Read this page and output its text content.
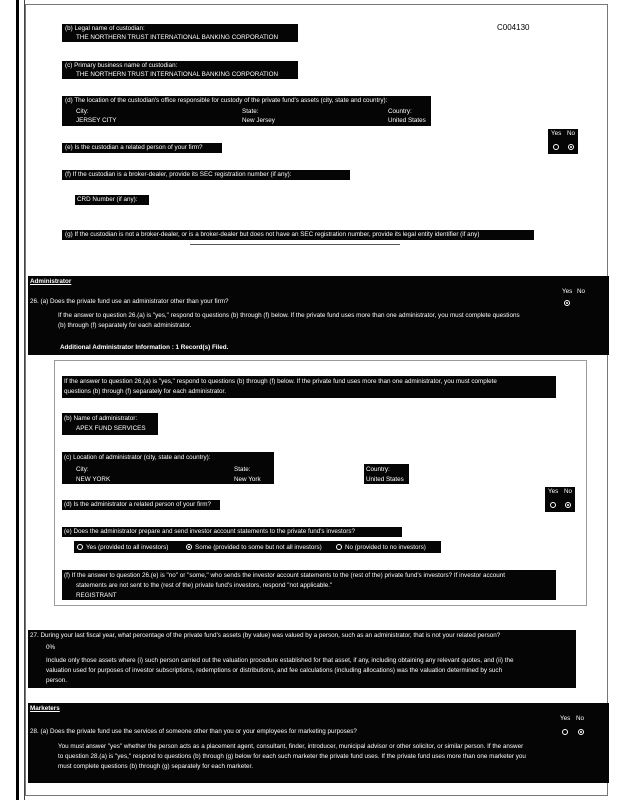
C004130
(b) Legal name of custodian:
THE NORTHERN TRUST INTERNATIONAL BANKING CORPORATION
(c) Primary business name of custodian:
THE NORTHERN TRUST INTERNATIONAL BANKING CORPORATION
(d) The location of the custodian's office responsible for custody of the private fund's assets (city, state and country):
City:	State:	Country:
JERSEY CITY	New Jersey	United States
Yes No
(e) Is the custodian a related person of your firm?
(f) If the custodian is a broker-dealer, provide its SEC registration number (if any):
CRD Number (if any):
(g) If the custodian is not a broker-dealer, or is a broker-dealer but does not have an SEC registration number, provide its legal entity identifier (if any)
Administrator
Yes No
26. (a) Does the private fund use an administrator other than your firm?
If the answer to question 26.(a) is "yes," respond to questions (b) through (f) below. If the private fund uses more than one administrator, you must complete questions
(b) through (f) separately for each administrator.
Additional Administrator Information : 1 Record(s) Filed.
If the answer to question 26.(a) is "yes," respond to questions (b) through (f) below. If the private fund uses more than one administrator, you must complete
questions (b) through (f) separately for each administrator.
(b) Name of administrator:
APEX FUND SERVICES
(c) Location of administrator (city, state and country):
City:	State:
NEW YORK	New York
Country:
United States
Yes No
(d) Is the administrator a related person of your firm?
(e) Does the administrator prepare and send investor account statements to the private fund's investors?
Yes (provided to all investors)	Some (provided to some but not all investors)	No (provided to no investors)
(f) If the answer to question 26.(e) is "no" or "some," who sends the investor account statements to the (rest of the) private fund's investors? If investor account
statements are not sent to the (rest of the) private fund's investors, respond "not applicable."
REGISTRANT
27. During your last fiscal year, what percentage of the private fund's assets (by value) was valued by a person, such as an administrator, that is not your related person?
0%
Include only those assets where (i) such person carried out the valuation procedure established for that asset, if any, including obtaining any relevant quotes, and (ii) the
valuation used for purposes of investor subscriptions, redemptions or distributions, and fee calculations (including allocations) was the valuation determined by such
person.
Marketers
Yes No
28. (a) Does the private fund use the services of someone other than you or your employees for marketing purposes?
You must answer "yes" whether the person acts as a placement agent, consultant, finder, introducer, municipal advisor or other solicitor, or similar person. If the answer
to question 28.(a) is "yes," respond to questions (b) through (g) below for each such marketer the private fund uses. If the private fund uses more than one marketer you
must complete questions (b) through (g) separately for each marketer.
